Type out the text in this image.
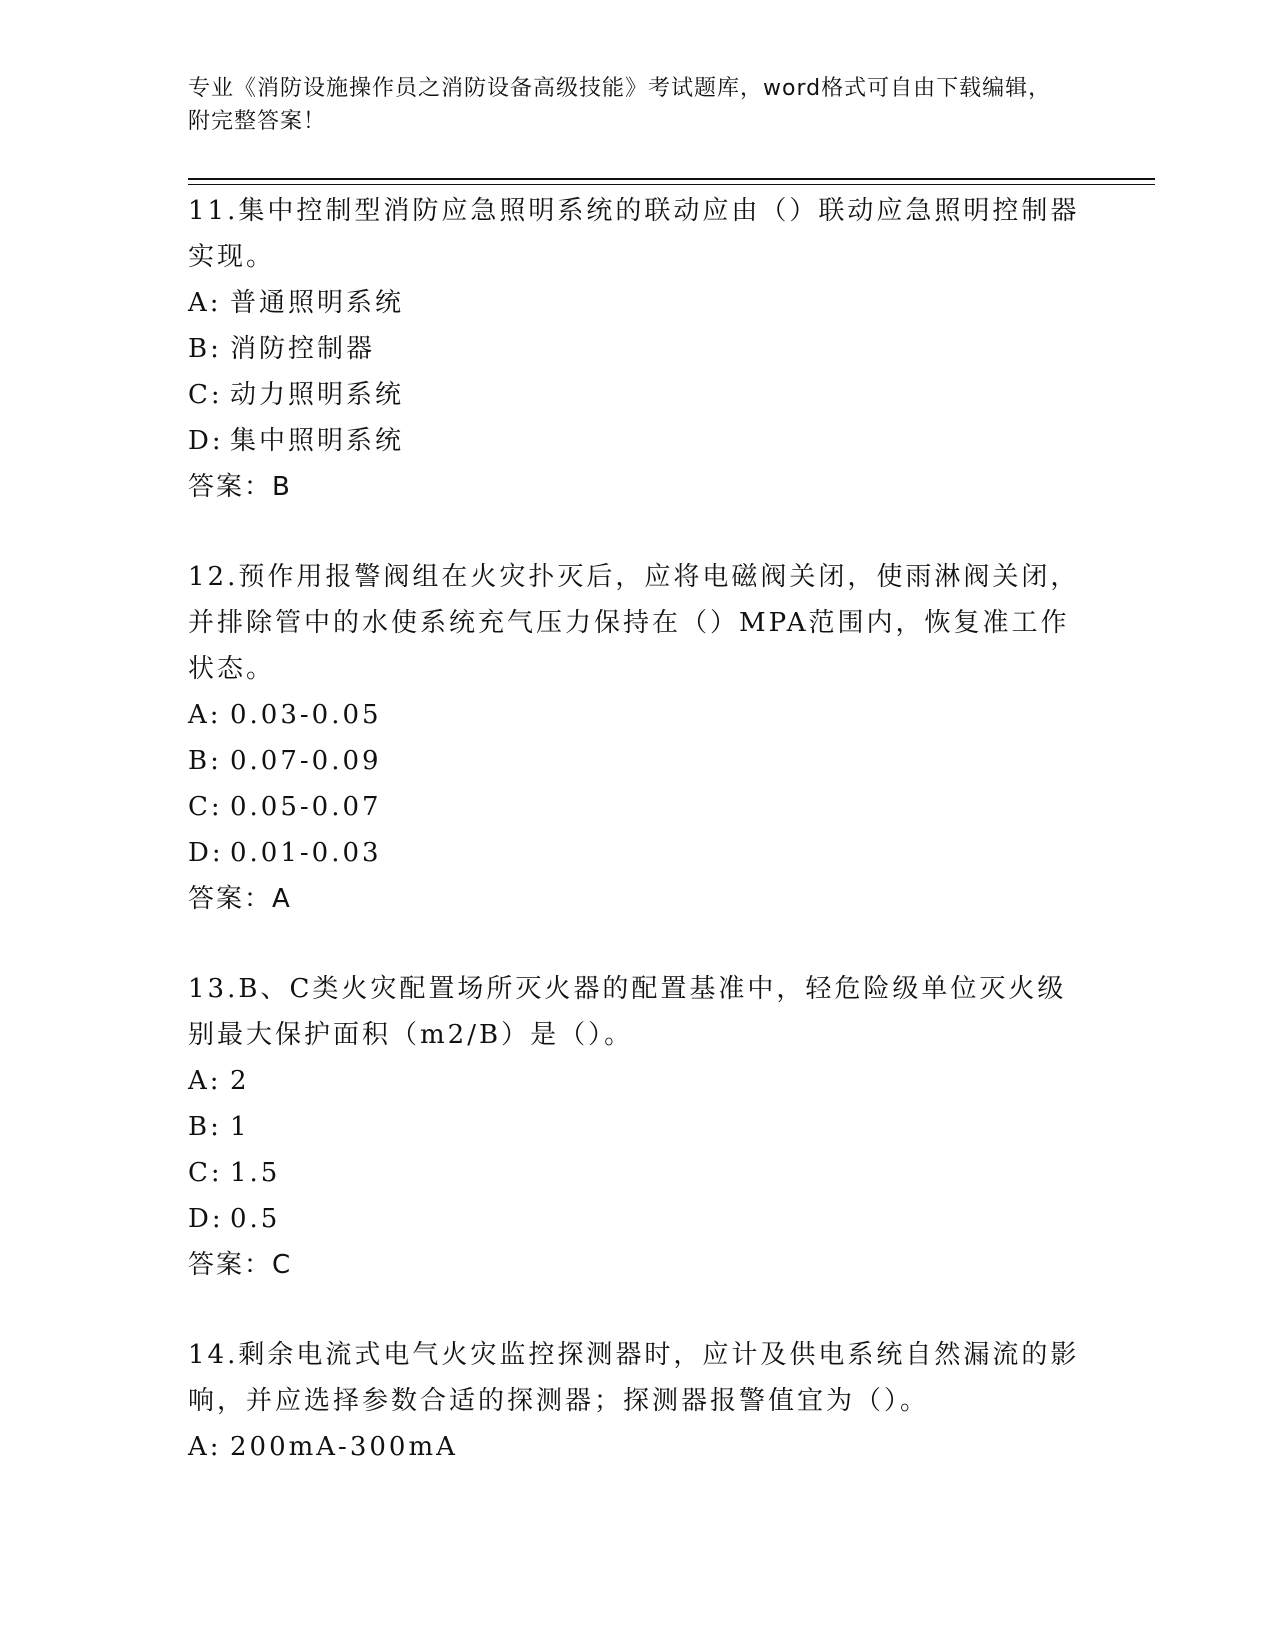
专业《消防设施操作员之消防设备高级技能》考试题库，word格式可自由下载编辑，附完整答案！

11.集中控制型消防应急照明系统的联动应由（）联动应急照明控制器实现。

A: 普通照明系统

B: 消防控制器

C: 动力照明系统

D: 集中照明系统

答案：B

12.预作用报警阀组在火灾扑灭后，应将电磁阀关闭，使雨淋阀关闭，并排除管中的水使系统充气压力保持在（）MPA范围内，恢复准工作状态。

A: 0.03-0.05

B: 0.07-0.09

C: 0.05-0.07

D: 0.01-0.03

答案：A

13.B、C类火灾配置场所灭火器的配置基准中，轻危险级单位灭火级别最大保护面积（m2/B）是（）。

A: 2

B: 1

C: 1.5

D: 0.5

答案：C

14.剩余电流式电气火灾监控探测器时，应计及供电系统自然漏流的影响，并应选择参数合适的探测器；探测器报警值宜为（）。

A: 200mA-300mA
